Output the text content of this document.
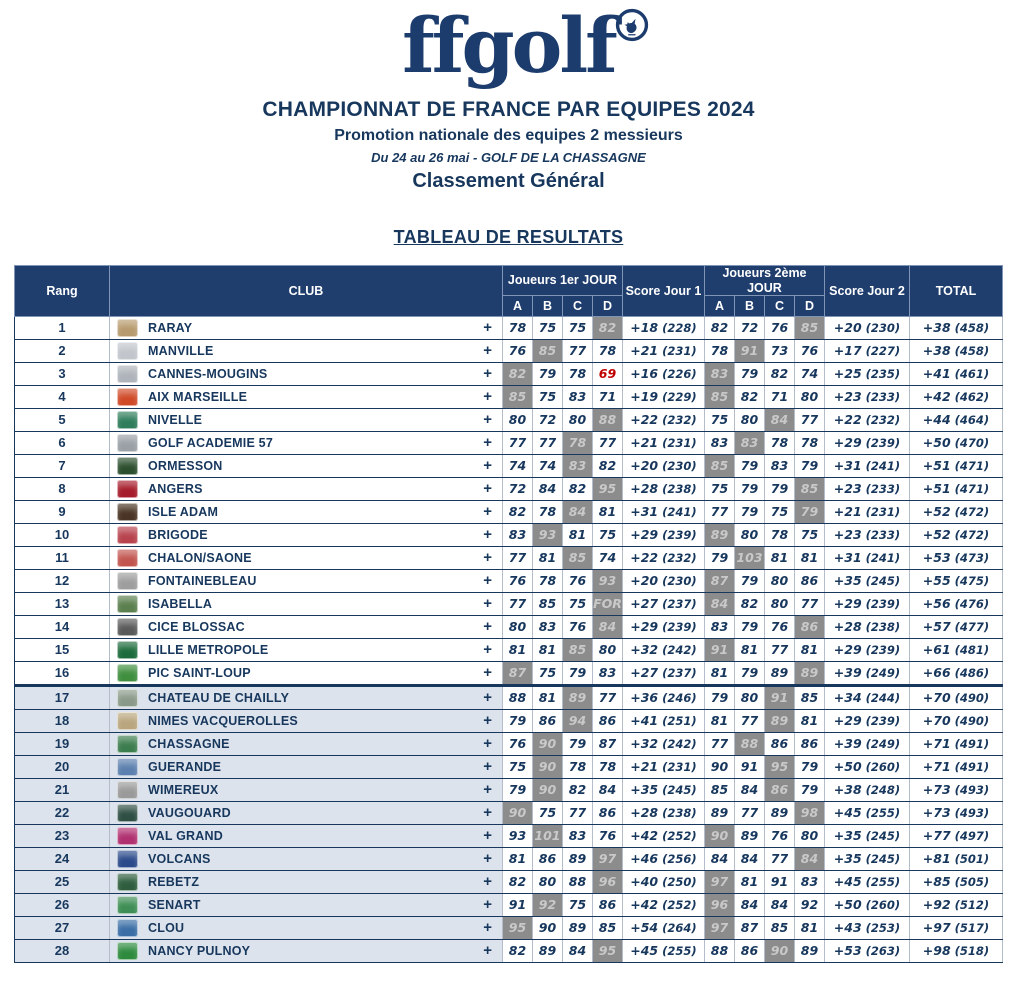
ffgolf
CHAMPIONNAT DE FRANCE PAR EQUIPES 2024
Promotion nationale des equipes 2 messieurs
Du 24 au 26 mai - GOLF DE LA CHASSAGNE
Classement Général
TABLEAU DE RESULTATS
Rang	CLUB	Joueurs 1er JOUR				Score Jour 1	Joueurs 2ème JOUR				Score Jour 2	TOTAL
		A	B	C	D		A	B	C	D		
1	RARAY +	78	75	75	82	+18 (228)	82	72	76	85	+20 (230)	+38 (458)
2	MANVILLE +	76	85	77	78	+21 (231)	78	91	73	76	+17 (227)	+38 (458)
3	CANNES-MOUGINS +	82	79	78	69	+16 (226)	83	79	82	74	+25 (235)	+41 (461)
4	AIX MARSEILLE +	85	75	83	71	+19 (229)	85	82	71	80	+23 (233)	+42 (462)
5	NIVELLE +	80	72	80	88	+22 (232)	75	80	84	77	+22 (232)	+44 (464)
6	GOLF ACADEMIE 57 +	77	77	78	77	+21 (231)	83	83	78	78	+29 (239)	+50 (470)
7	ORMESSON +	74	74	83	82	+20 (230)	85	79	83	79	+31 (241)	+51 (471)
8	ANGERS +	72	84	82	95	+28 (238)	75	79	79	85	+23 (233)	+51 (471)
9	ISLE ADAM +	82	78	84	81	+31 (241)	77	79	75	79	+21 (231)	+52 (472)
10	BRIGODE +	83	93	81	75	+29 (239)	89	80	78	75	+23 (233)	+52 (472)
11	CHALON/SAONE +	77	81	85	74	+22 (232)	79	103	81	81	+31 (241)	+53 (473)
12	FONTAINEBLEAU +	76	78	76	93	+20 (230)	87	79	80	86	+35 (245)	+55 (475)
13	ISABELLA +	77	85	75	FOR	+27 (237)	84	82	80	77	+29 (239)	+56 (476)
14	CICE BLOSSAC +	80	83	76	84	+29 (239)	83	79	76	86	+28 (238)	+57 (477)
15	LILLE METROPOLE +	81	81	85	80	+32 (242)	91	81	77	81	+29 (239)	+61 (481)
16	PIC SAINT-LOUP +	87	75	79	83	+27 (237)	81	79	89	89	+39 (249)	+66 (486)
17	CHATEAU DE CHAILLY +	88	81	89	77	+36 (246)	79	80	91	85	+34 (244)	+70 (490)
18	NIMES VACQUEROLLES +	79	86	94	86	+41 (251)	81	77	89	81	+29 (239)	+70 (490)
19	CHASSAGNE +	76	90	79	87	+32 (242)	77	88	86	86	+39 (249)	+71 (491)
20	GUERANDE +	75	90	78	78	+21 (231)	90	91	95	79	+50 (260)	+71 (491)
21	WIMEREUX +	79	90	82	84	+35 (245)	85	84	86	79	+38 (248)	+73 (493)
22	VAUGOUARD +	90	75	77	86	+28 (238)	89	77	89	98	+45 (255)	+73 (493)
23	VAL GRAND +	93	101	83	76	+42 (252)	90	89	76	80	+35 (245)	+77 (497)
24	VOLCANS +	81	86	89	97	+46 (256)	84	84	77	84	+35 (245)	+81 (501)
25	REBETZ +	82	80	88	96	+40 (250)	97	81	91	83	+45 (255)	+85 (505)
26	SENART +	91	92	75	86	+42 (252)	96	84	84	92	+50 (260)	+92 (512)
27	CLOU +	95	90	89	85	+54 (264)	97	87	85	81	+43 (253)	+97 (517)
28	NANCY PULNOY +	82	89	84	95	+45 (255)	88	86	90	89	+53 (263)	+98 (518)
